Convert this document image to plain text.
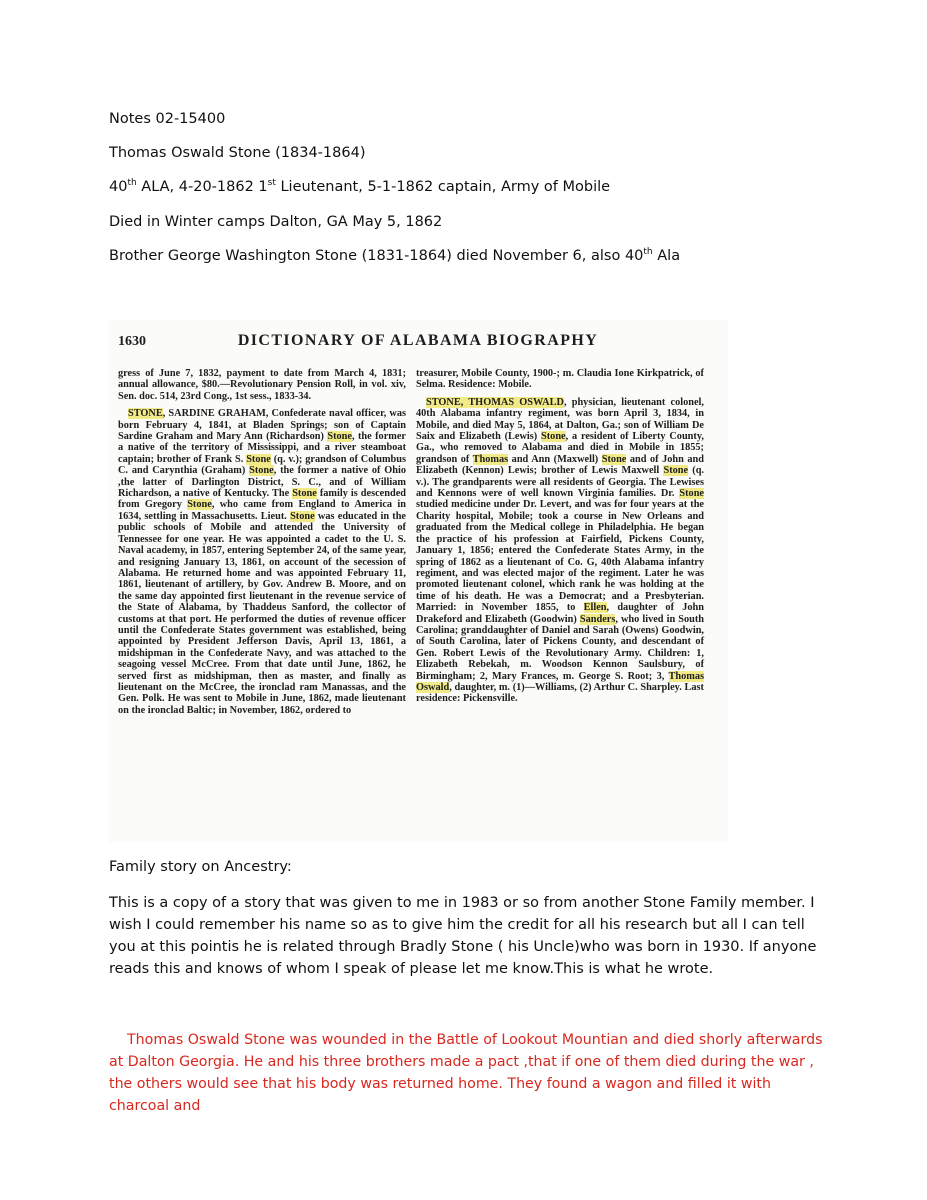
Notes 02-15400

Thomas Oswald Stone (1834-1864)

40th ALA, 4-20-1862 1st Lieutenant, 5-1-1862 captain, Army of Mobile

Died in Winter camps Dalton, GA May 5, 1862

Brother George Washington Stone (1831-1864) died November 6, also 40th Ala

1630	DICTIONARY OF ALABAMA BIOGRAPHY

gress of June 7, 1832, payment to date from March 4, 1831; annual allowance, $80.—Revolutionary Pension Roll, in vol. xiv, Sen. doc. 514, 23rd Cong., 1st sess., 1833-34.

STONE, SARDINE GRAHAM, Confederate naval officer, was born February 4, 1841, at Bladen Springs; son of Captain Sardine Graham and Mary Ann (Richardson) Stone, the former a native of the territory of Mississippi, and a river steamboat captain; brother of Frank S. Stone (q. v.); grandson of Columbus C. and Carynthia (Graham) Stone, the former a native of Ohio ,the latter of Darlington District, S. C., and of William Richardson, a native of Kentucky. The Stone family is descended from Gregory Stone, who came from England to America in 1634, settling in Massachusetts. Lieut. Stone was educated in the public schools of Mobile and attended the University of Tennessee for one year. He was appointed a cadet to the U. S. Naval academy, in 1857, entering September 24, of the same year, and resigning January 13, 1861, on account of the secession of Alabama. He returned home and was appointed February 11, 1861, lieutenant of artillery, by Gov. Andrew B. Moore, and on the same day appointed first lieutenant in the revenue service of the State of Alabama, by Thaddeus Sanford, the collector of customs at that port. He performed the duties of revenue officer until the Confederate States government was established, being appointed by President Jefferson Davis, April 13, 1861, a midshipman in the Confederate Navy, and was attached to the seagoing vessel McCree. From that date until June, 1862, he served first as midshipman, then as master, and finally as lieutenant on the McCree, the ironclad ram Manassas, and the Gen. Polk. He was sent to Mobile in June, 1862, made lieutenant on the ironclad Baltic; in November, 1862, ordered to

treasurer, Mobile County, 1900-; m. Claudia Ione Kirkpatrick, of Selma. Residence: Mobile.

STONE, THOMAS OSWALD, physician, lieutenant colonel, 40th Alabama infantry regiment, was born April 3, 1834, in Mobile, and died May 5, 1864, at Dalton, Ga.; son of William De Saix and Elizabeth (Lewis) Stone, a resident of Liberty County, Ga., who removed to Alabama and died in Mobile in 1855; grandson of Thomas and Ann (Maxwell) Stone and of John and Elizabeth (Kennon) Lewis; brother of Lewis Maxwell Stone (q. v.). The grandparents were all residents of Georgia. The Lewises and Kennons were of well known Virginia families. Dr. Stone studied medicine under Dr. Levert, and was for four years at the Charity hospital, Mobile; took a course in New Orleans and graduated from the Medical college in Philadelphia. He began the practice of his profession at Fairfield, Pickens County, January 1, 1856; entered the Confederate States Army, in the spring of 1862 as a lieutenant of Co. G, 40th Alabama infantry regiment, and was elected major of the regiment. Later he was promoted lieutenant colonel, which rank he was holding at the time of his death. He was a Democrat; and a Presbyterian. Married: in November 1855, to Ellen, daughter of John Drakeford and Elizabeth (Goodwin) Sanders, who lived in South Carolina; granddaughter of Daniel and Sarah (Owens) Goodwin, of South Carolina, later of Pickens County, and descendant of Gen. Robert Lewis of the Revolutionary Army. Children: 1, Elizabeth Rebekah, m. Woodson Kennon Saulsbury, of Birmingham; 2, Mary Frances, m. George S. Root; 3, Thomas Oswald, daughter, m. (1)—Williams, (2) Arthur C. Sharpley. Last residence: Pickensville.

Family story on Ancestry:

This is a copy of a story that was given to me in 1983 or so from another Stone Family member. I wish I could remember his name so as to give him the credit for all his research but all I can tell you at this pointis he is related through Bradly Stone ( his Uncle)who was born in 1930. If anyone reads this and knows of whom I speak of please let me know.This is what he wrote.

Thomas Oswald Stone was wounded in the Battle of Lookout Mountian and died shorly afterwards at Dalton Georgia. He and his three brothers made a pact ,that if one of them died during the war , the others would see that his body was returned home. They found a wagon and filled it with charcoal and
